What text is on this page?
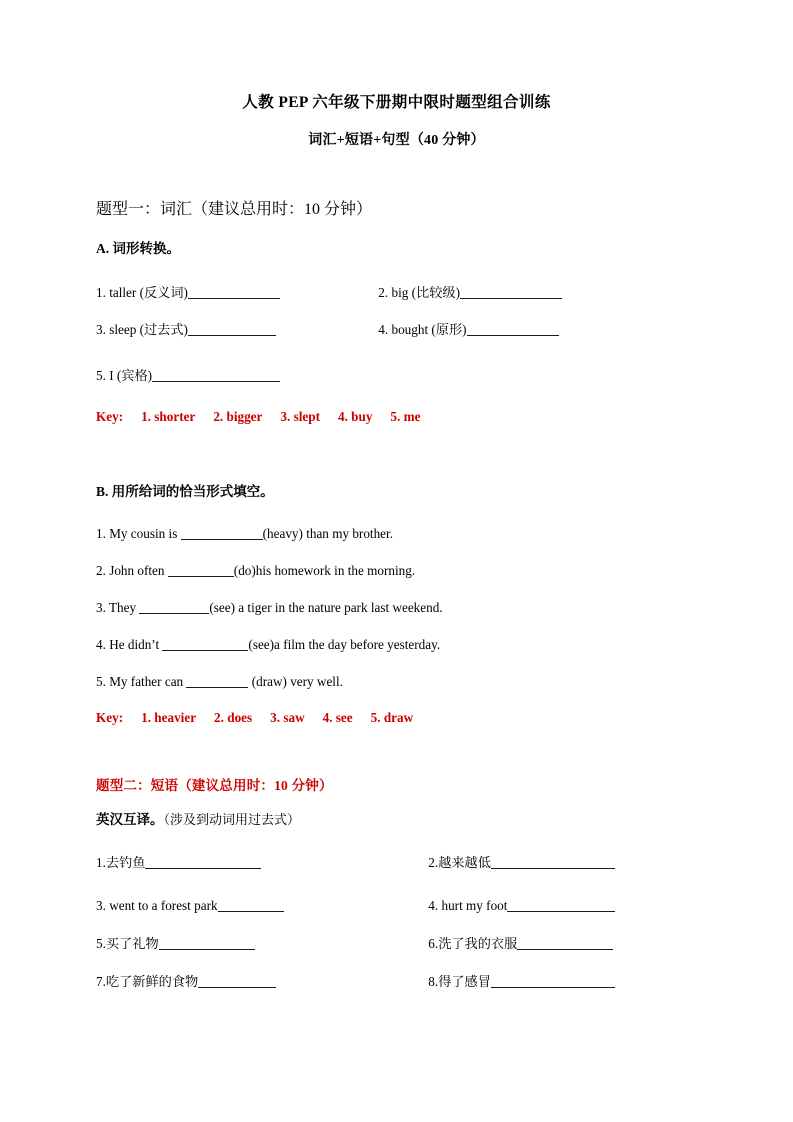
人教 PEP 六年级下册期中限时题型组合训练
词汇+短语+句型（40 分钟）
题型一：词汇（建议总用时：10 分钟）
A. 词形转换。
1. taller (反义词)	2. big (比较级)
3. sleep (过去式)	4. bought (原形)
5. I (宾格)
Key: 1. shorter 2. bigger 3. slept 4. buy 5. me
B. 用所给词的恰当形式填空。
1. My cousin is	(heavy) than my brother.
2. John often	(do)his homework in the morning.
3. They	(see) a tiger in the nature park last weekend.
4. He didn’t	(see)a film the day before yesterday.
5. My father can	(draw) very well.
Key: 1. heavier 2. does 3. saw 4. see 5. draw
题型二：短语（建议总用时：10 分钟）
英汉互译。（涉及到动词用过去式）
1.去钓鱼	2.越来越低
3. went to a forest park	4. hurt my foot
5.买了礼物	6.洗了我的衣服
7.吃了新鲜的食物	8.得了感冒
